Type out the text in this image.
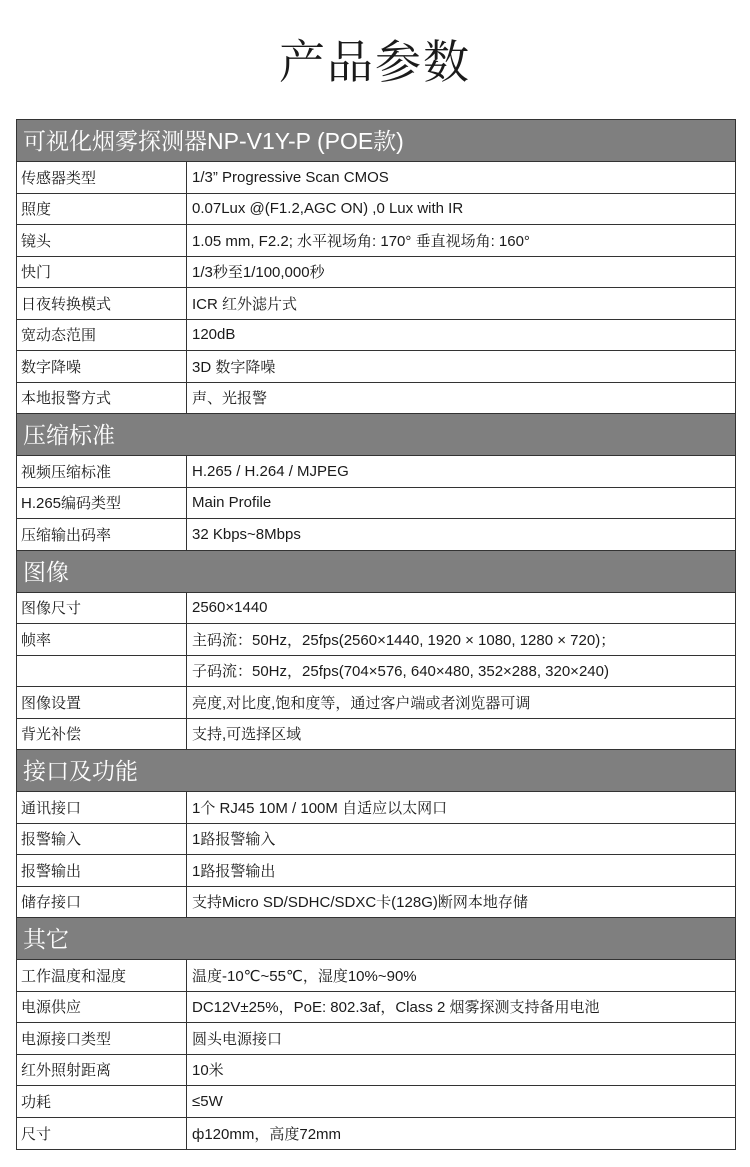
产品参数
可视化烟雾探测器NP-V1Y-P (POE款)
传感器类型	1/3” Progressive Scan CMOS
照度	0.07Lux @(F1.2,AGC ON) ,0 Lux with IR
镜头	1.05 mm, F2.2; 水平视场角: 170° 垂直视场角: 160°
快门	1/3秒至1/100,000秒
日夜转换模式	ICR 红外滤片式
宽动态范围	120dB
数字降噪	3D 数字降噪
本地报警方式	声、光报警
压缩标准
视频压缩标准	H.265 / H.264 / MJPEG
H.265编码类型	Main Profile
压缩输出码率	32 Kbps~8Mbps
图像
图像尺寸	2560×1440
帧率	主码流：50Hz，25fps(2560×1440, 1920 × 1080, 1280 × 720)；
子码流：50Hz，25fps(704×576, 640×480, 352×288, 320×240)
图像设置	亮度,对比度,饱和度等，通过客户端或者浏览器可调
背光补偿	支持,可选择区域
接口及功能
通讯接口	1个 RJ45 10M / 100M 自适应以太网口
报警输入	1路报警输入
报警输出	1路报警输出
储存接口	支持Micro SD/SDHC/SDXC卡(128G)断网本地存储
其它
工作温度和湿度	温度-10℃~55℃，湿度10%~90%
电源供应	DC12V±25%，PoE: 802.3af，Class 2 烟雾探测支持备用电池
电源接口类型	圆头电源接口
红外照射距离	10米
功耗	≤5W
尺寸	ф120mm，高度72mm
